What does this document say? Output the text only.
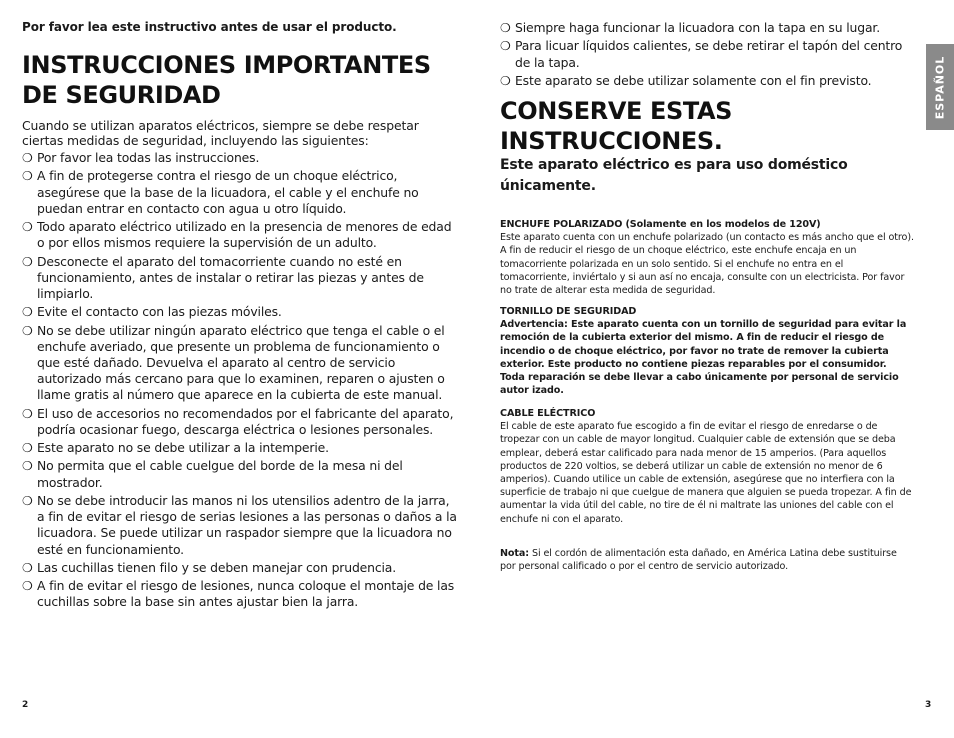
Por favor lea este instructivo antes de usar el producto.
INSTRUCCIONES IMPORTANTES
DE SEGURIDAD
Cuando se utilizan aparatos eléctricos, siempre se debe respetar ciertas medidas de seguridad, incluyendo las siguientes:
❍ Por favor lea todas las instrucciones.
❍ A fin de protegerse contra el riesgo de un choque eléctrico, asegúrese que la base de la licuadora, el cable y el enchufe no puedan entrar en contacto con agua u otro líquido.
❍ Todo aparato eléctrico utilizado en la presencia de menores de edad o por ellos mismos requiere la supervisión de un adulto.
❍ Desconecte el aparato del tomacorriente cuando no esté en funcionamiento, antes de instalar o retirar las piezas y antes de limpiarlo.
❍ Evite el contacto con las piezas móviles.
❍ No se debe utilizar ningún aparato eléctrico que tenga el cable o el enchufe averiado, que presente un problema de funcionamiento o que esté dañado. Devuelva el aparato al centro de servicio autorizado más cercano para que lo examinen, reparen o ajusten o llame gratis al número que aparece en la cubierta de este manual.
❍ El uso de accesorios no recomendados por el fabricante del aparato, podría ocasionar fuego, descarga eléctrica o lesiones personales.
❍ Este aparato no se debe utilizar a la intemperie.
❍ No permita que el cable cuelgue del borde de la mesa ni del mostrador.
❍ No se debe introducir las manos ni los utensilios adentro de la jarra, a fin de evitar el riesgo de serias lesiones a las personas o daños a la licuadora. Se puede utilizar un raspador siempre que la licuadora no esté en funcionamiento.
❍ Las cuchillas tienen filo y se deben manejar con prudencia.
❍ A fin de evitar el riesgo de lesiones, nunca coloque el montaje de las cuchillas sobre la base sin antes ajustar bien la jarra.
2
❍ Siempre haga funcionar la licuadora con la tapa en su lugar.
❍ Para licuar líquidos calientes, se debe retirar el tapón del centro de la tapa.
❍ Este aparato se debe utilizar solamente con el fin previsto.
CONSERVE ESTAS
INSTRUCCIONES.
Este aparato eléctrico es para uso doméstico únicamente.
ENCHUFE POLARIZADO (Solamente en los modelos de 120V)

Este aparato cuenta con un enchufe polarizado (un contacto es más ancho que el otro). A fin de reducir el riesgo de un choque eléctrico, este enchufe encaja en un tomacorriente polarizada en un solo sentido. Si el enchufe no entra en el tomacorriente, inviértalo y si aun así no encaja, consulte con un electricista. Por favor no trate de alterar esta medida de seguridad.

TORNILLO DE SEGURIDAD

Advertencia: Este aparato cuenta con un tornillo de seguridad para evitar la remoción de la cubierta exterior del mismo. A fin de reducir el riesgo de incendio o de choque eléctrico, por favor no trate de remover la cubierta exterior. Este producto no contiene piezas reparables por el consumidor. Toda reparación se debe llevar a cabo únicamente por personal de servicio autor izado.

CABLE ELÉCTRICO

El cable de este aparato fue escogido a fin de evitar el riesgo de enredarse o de tropezar con un cable de mayor longitud. Cualquier cable de extensión que se deba emplear, deberá estar calificado para nada menor de 15 amperios. (Para aquellos productos de 220 voltios, se deberá utilizar un cable de extensión no menor de 6 amperios). Cuando utilice un cable de extensión, asegúrese que no interfiera con la superficie de trabajo ni que cuelgue de manera que alguien se pueda tropezar. A fin de aumentar la vida útil del cable, no tire de él ni maltrate las uniones del cable con el enchufe ni con el aparato.

Nota: Si el cordón de alimentación esta dañado, en América Latina debe sustituirse por personal calificado o por el centro de servicio autorizado.

3
ESPAÑOL
